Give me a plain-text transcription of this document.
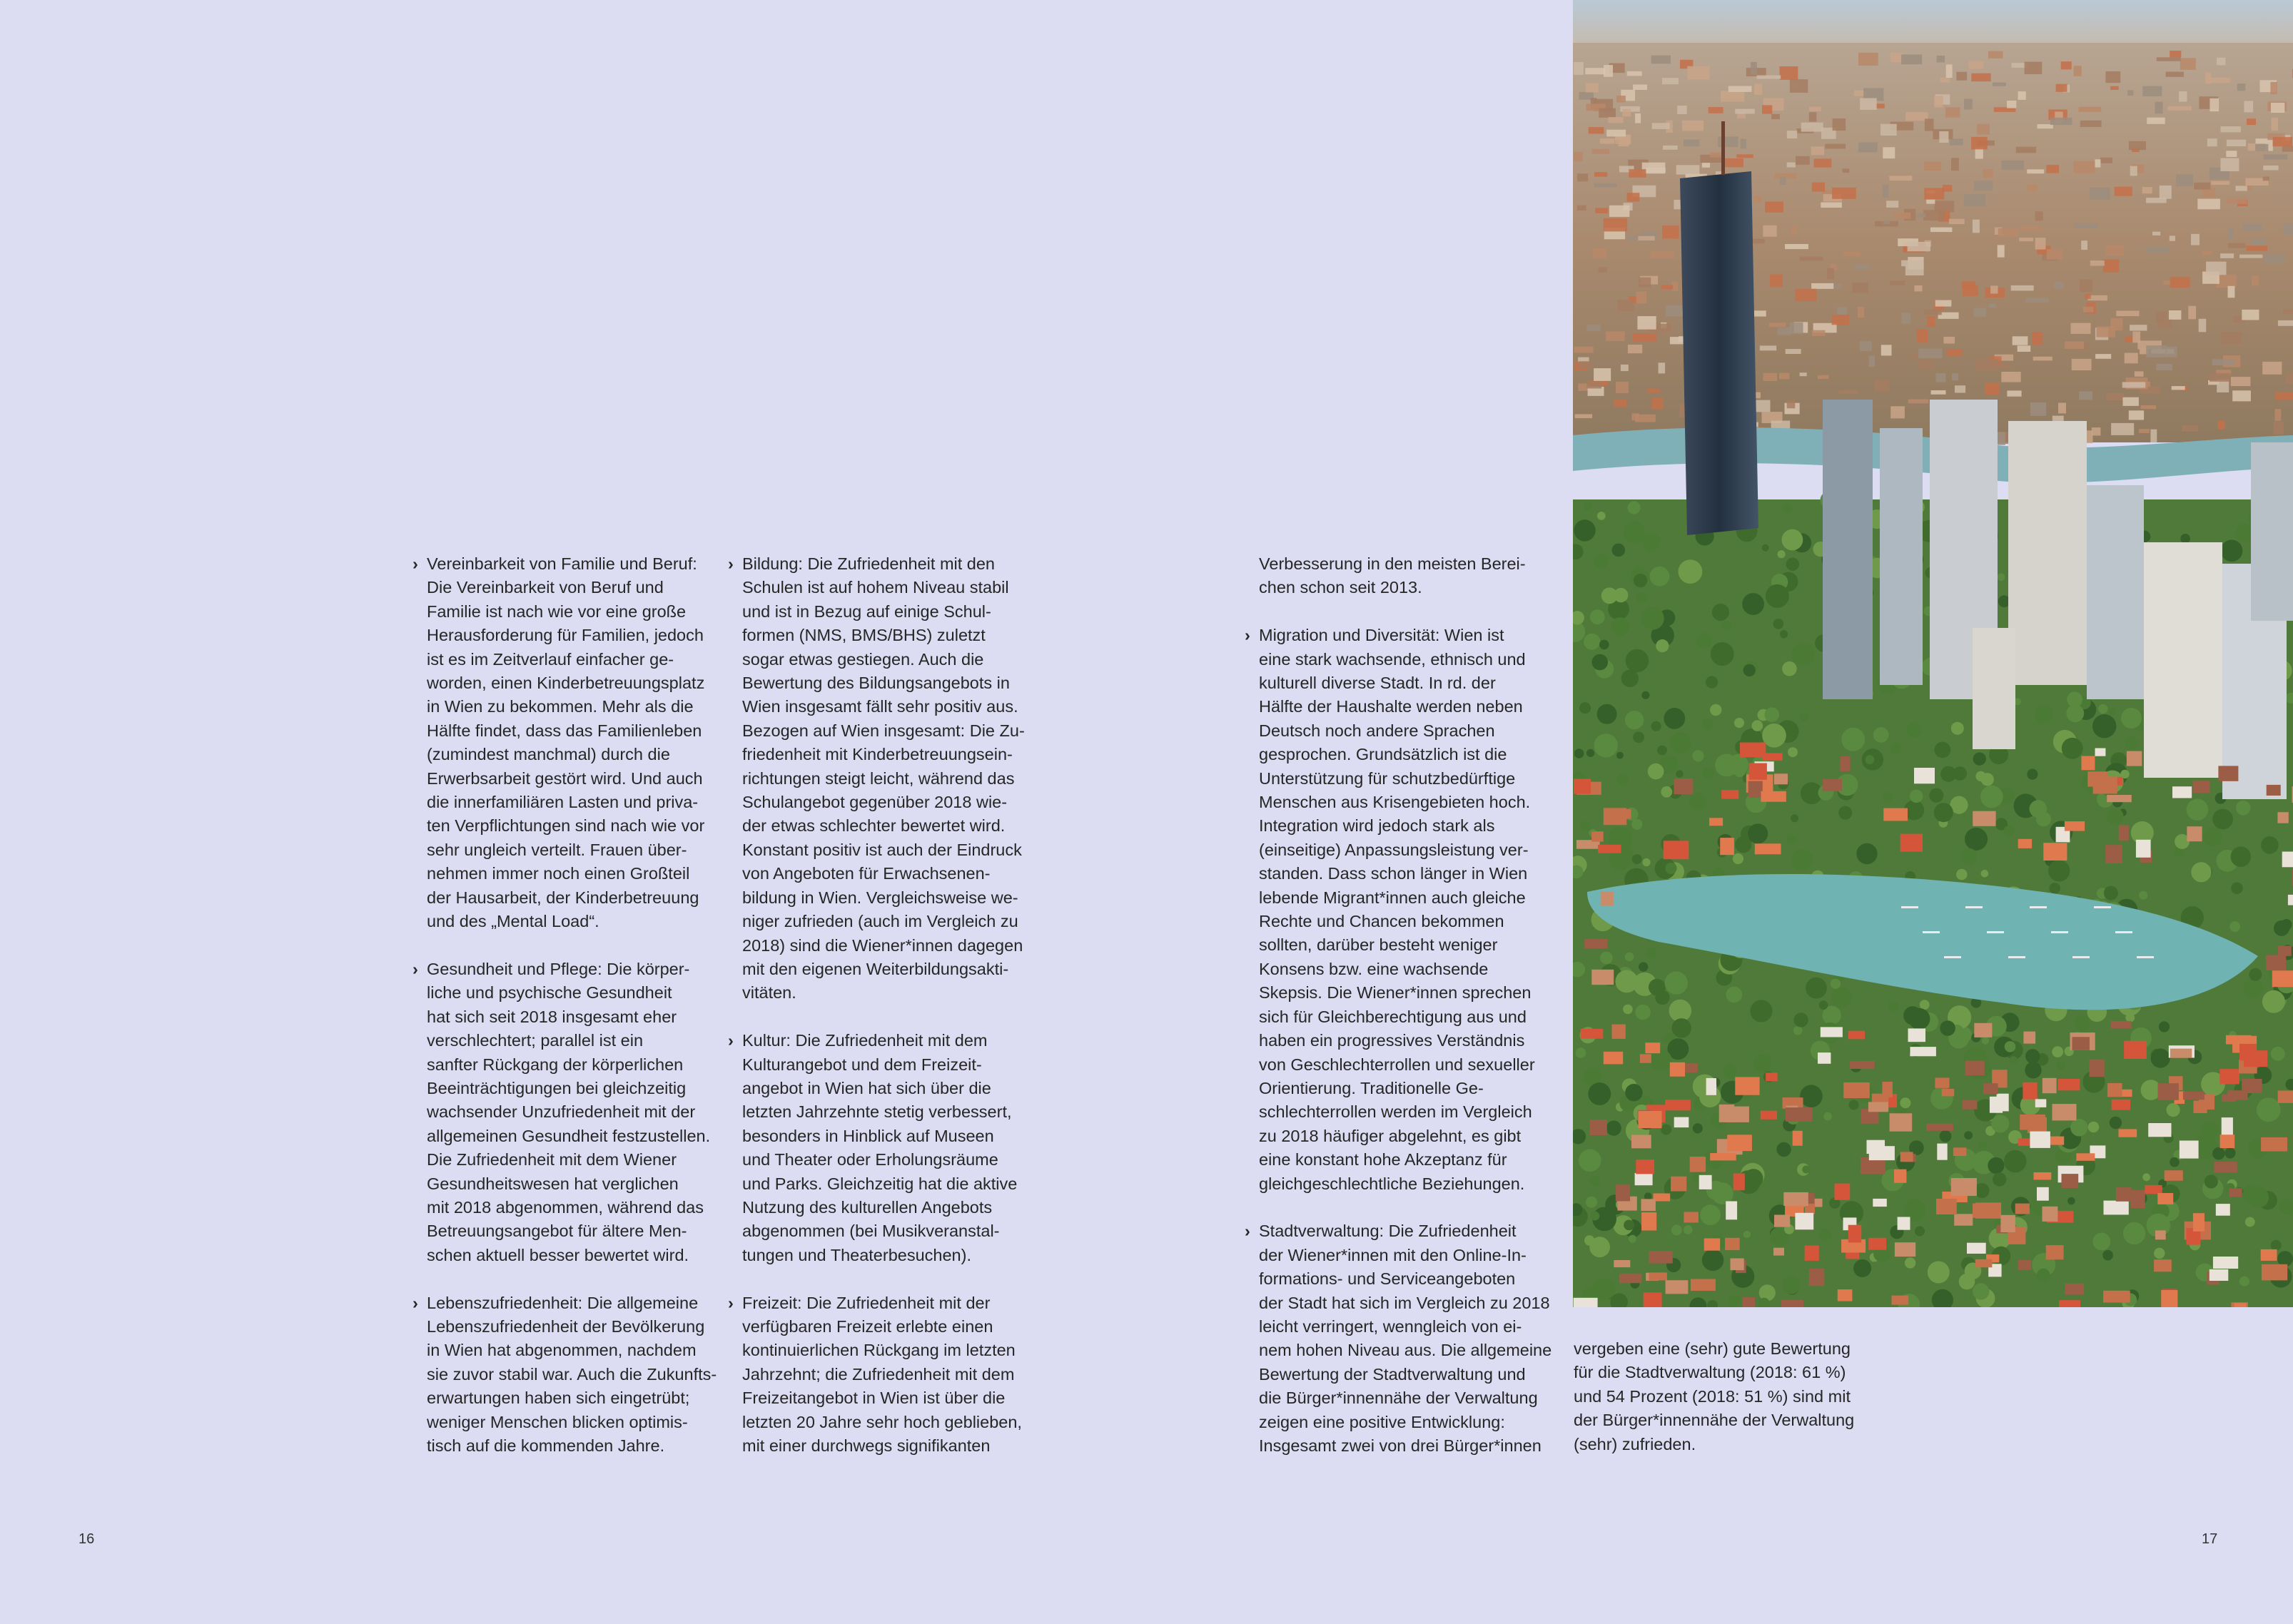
› Vereinbarkeit von Familie und Beruf:
Die Vereinbarkeit von Beruf und
Familie ist nach wie vor eine große
Herausforderung für Familien, jedoch
ist es im Zeitverlauf einfacher ge-
worden, einen Kinderbetreuungsplatz
in Wien zu bekommen. Mehr als die
Hälfte findet, dass das Familienleben
(zumindest manchmal) durch die
Erwerbsarbeit gestört wird. Und auch
die innerfamiliären Lasten und priva-
ten Verpflichtungen sind nach wie vor
sehr ungleich verteilt. Frauen über-
nehmen immer noch einen Großteil
der Hausarbeit, der Kinderbetreuung
und des „Mental Load“.

› Gesundheit und Pflege: Die körper-
liche und psychische Gesundheit
hat sich seit 2018 insgesamt eher
verschlechtert; parallel ist ein
sanfter Rückgang der körperlichen
Beeinträchtigungen bei gleichzeitig
wachsender Unzufriedenheit mit der
allgemeinen Gesundheit festzustellen.
Die Zufriedenheit mit dem Wiener
Gesundheitswesen hat verglichen
mit 2018 abgenommen, während das
Betreuungsangebot für ältere Men-
schen aktuell besser bewertet wird.

› Lebenszufriedenheit: Die allgemeine
Lebenszufriedenheit der Bevölkerung
in Wien hat abgenommen, nachdem
sie zuvor stabil war. Auch die Zukunfts-
erwartungen haben sich eingetrübt;
weniger Menschen blicken optimis-
tisch auf die kommenden Jahre.

› Bildung: Die Zufriedenheit mit den
Schulen ist auf hohem Niveau stabil
und ist in Bezug auf einige Schul-
formen (NMS, BMS/BHS) zuletzt
sogar etwas gestiegen. Auch die
Bewertung des Bildungsangebots in
Wien insgesamt fällt sehr positiv aus.
Bezogen auf Wien insgesamt: Die Zu-
friedenheit mit Kinderbetreuungsein-
richtungen steigt leicht, während das
Schulangebot gegenüber 2018 wie-
der etwas schlechter bewertet wird.
Konstant positiv ist auch der Eindruck
von Angeboten für Erwachsenen-
bildung in Wien. Vergleichsweise we-
niger zufrieden (auch im Vergleich zu
2018) sind die Wiener*innen dagegen
mit den eigenen Weiterbildungsakti-
vitäten.

› Kultur: Die Zufriedenheit mit dem
Kulturangebot und dem Freizeit-
angebot in Wien hat sich über die
letzten Jahrzehnte stetig verbessert,
besonders in Hinblick auf Museen
und Theater oder Erholungsräume
und Parks. Gleichzeitig hat die aktive
Nutzung des kulturellen Angebots
abgenommen (bei Musikveranstal-
tungen und Theaterbesuchen).

› Freizeit: Die Zufriedenheit mit der
verfügbaren Freizeit erlebte einen
kontinuierlichen Rückgang im letzten
Jahrzehnt; die Zufriedenheit mit dem
Freizeitangebot in Wien ist über die
letzten 20 Jahre sehr hoch geblieben,
mit einer durchwegs signifikanten

16

Verbesserung in den meisten Berei-
chen schon seit 2013.

› Migration und Diversität: Wien ist
eine stark wachsende, ethnisch und
kulturell diverse Stadt. In rd. der
Hälfte der Haushalte werden neben
Deutsch noch andere Sprachen
gesprochen. Grundsätzlich ist die
Unterstützung für schutzbedürftige
Menschen aus Krisengebieten hoch.
Integration wird jedoch stark als
(einseitige) Anpassungsleistung ver-
standen. Dass schon länger in Wien
lebende Migrant*innen auch gleiche
Rechte und Chancen bekommen
sollten, darüber besteht weniger
Konsens bzw. eine wachsende
Skepsis. Die Wiener*innen sprechen
sich für Gleichberechtigung aus und
haben ein progressives Verständnis
von Geschlechterrollen und sexueller
Orientierung. Traditionelle Ge-
schlechterrollen werden im Vergleich
zu 2018 häufiger abgelehnt, es gibt
eine konstant hohe Akzeptanz für
gleichgeschlechtliche Beziehungen.

› Stadtverwaltung: Die Zufriedenheit
der Wiener*innen mit den Online-In-
formations- und Serviceangeboten
der Stadt hat sich im Vergleich zu 2018
leicht verringert, wenngleich von ei-
nem hohen Niveau aus. Die allgemeine
Bewertung der Stadtverwaltung und
die Bürger*innennähe der Verwaltung
zeigen eine positive Entwicklung:
Insgesamt zwei von drei Bürger*innen

vergeben eine (sehr) gute Bewertung
für die Stadtverwaltung (2018: 61 %)
und 54 Prozent (2018: 51 %) sind mit
der Bürger*innennähe der Verwaltung
(sehr) zufrieden.

17
